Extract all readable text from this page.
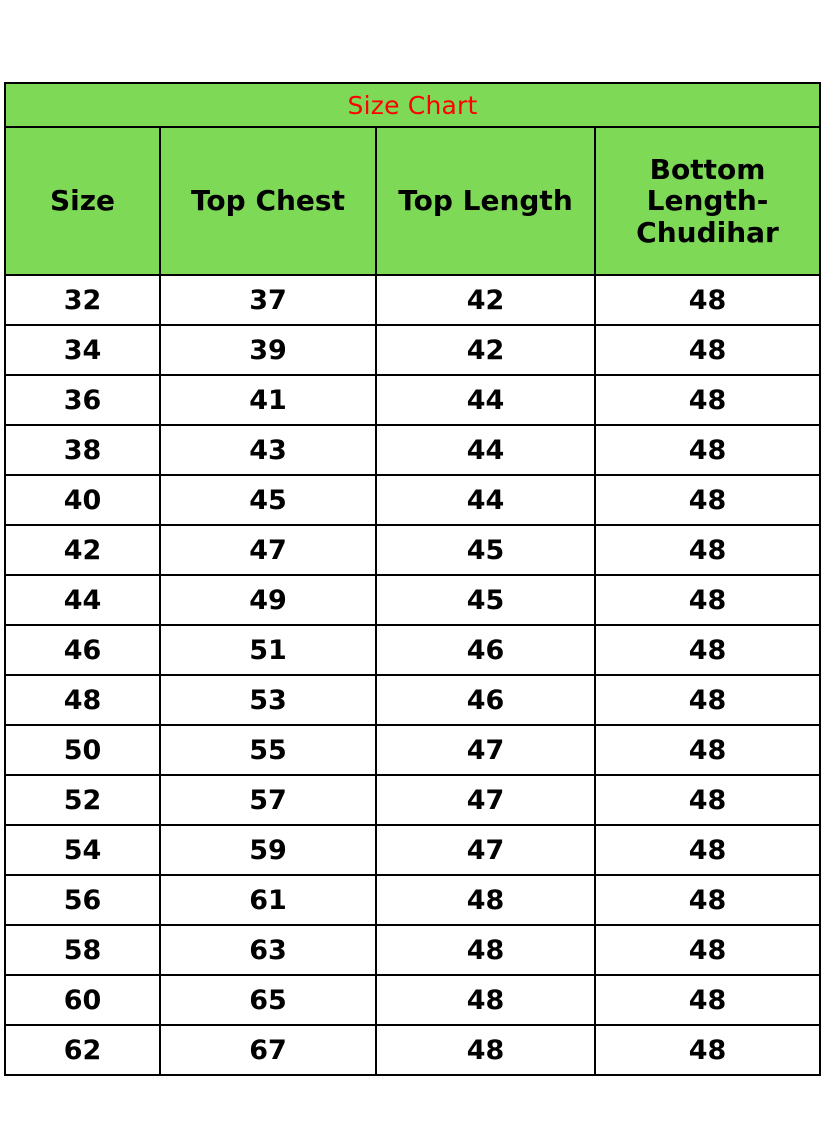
Size Chart			
Size	Top Chest	Top Length	Bottom Length-Chudihar
32	37	42	48
34	39	42	48
36	41	44	48
38	43	44	48
40	45	44	48
42	47	45	48
44	49	45	48
46	51	46	48
48	53	46	48
50	55	47	48
52	57	47	48
54	59	47	48
56	61	48	48
58	63	48	48
60	65	48	48
62	67	48	48
